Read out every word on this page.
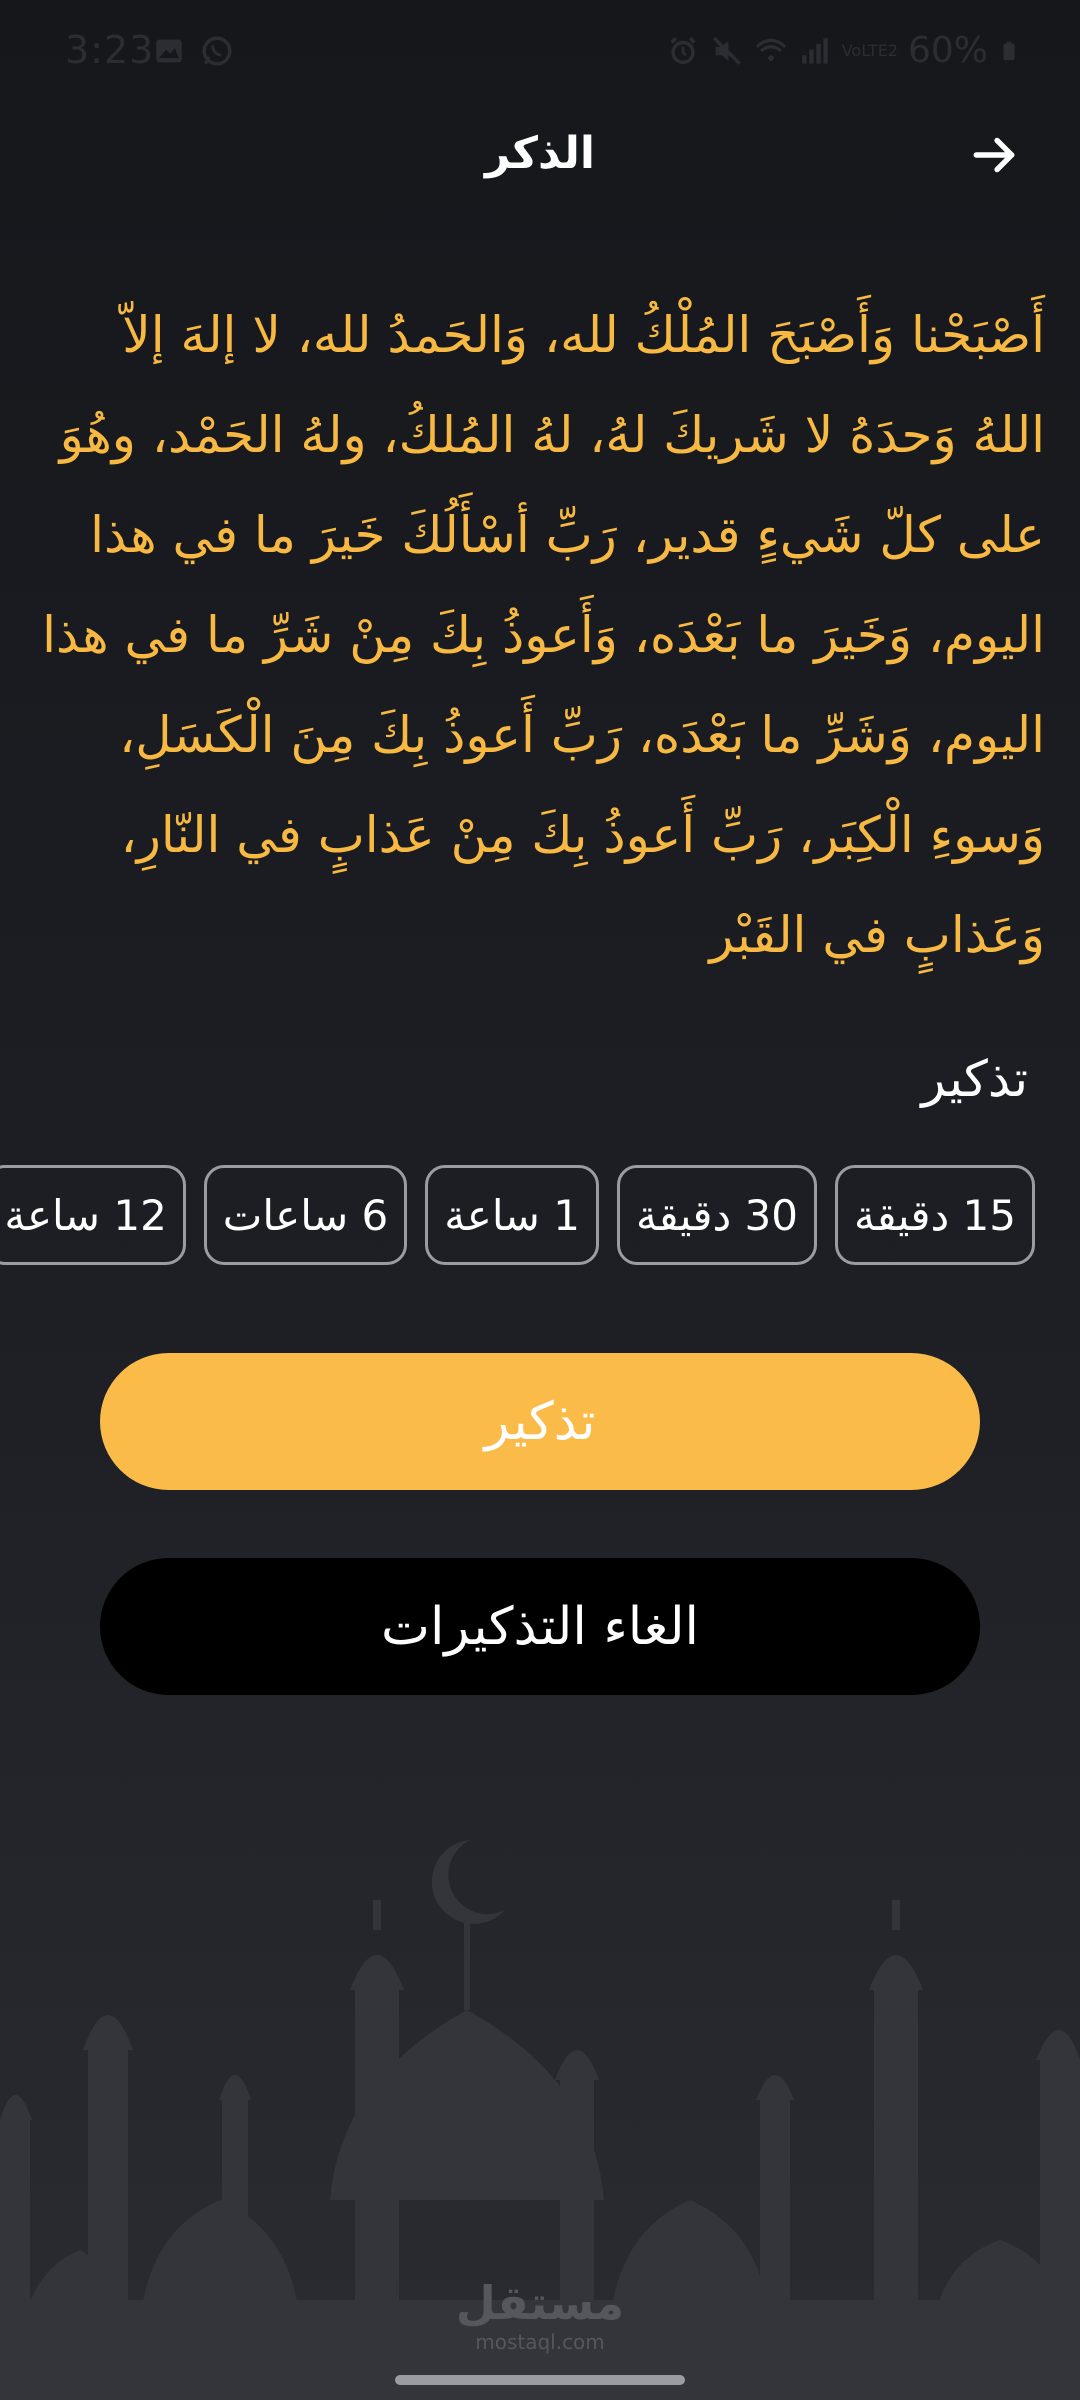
3:23	VoLTE2 60%
الذكر
أَصْبَحْنا وَأَصْبَحَ المُلْكُ لله، وَالحَمدُ لله، لا إلهَ إلاّ اللهُ وَحدَهُ لا شَريكَ لهُ، لهُ المُلكُ، ولهُ الحَمْد، وهُوَ على كلّ شَيءٍ قدير، رَبِّ أسْأَلُكَ خَيرَ ما في هذا اليوم، وَخَيرَ ما بَعْدَه، وَأَعوذُ بِكَ مِنْ شَرِّ ما في هذا اليوم، وَشَرِّ ما بَعْدَه، رَبِّ أَعوذُ بِكَ مِنَ الْكَسَلِ، وَسوءِ الْكِبَر، رَبِّ أَعوذُ بِكَ مِنْ عَذابٍ في النّارِ، وَعَذابٍ في القَبْر
تذكير
15 دقيقة
30 دقيقة
1 ساعة
6 ساعات
12 ساعة
تذكير
الغاء التذكيرات
مستقل
mostaql.com
